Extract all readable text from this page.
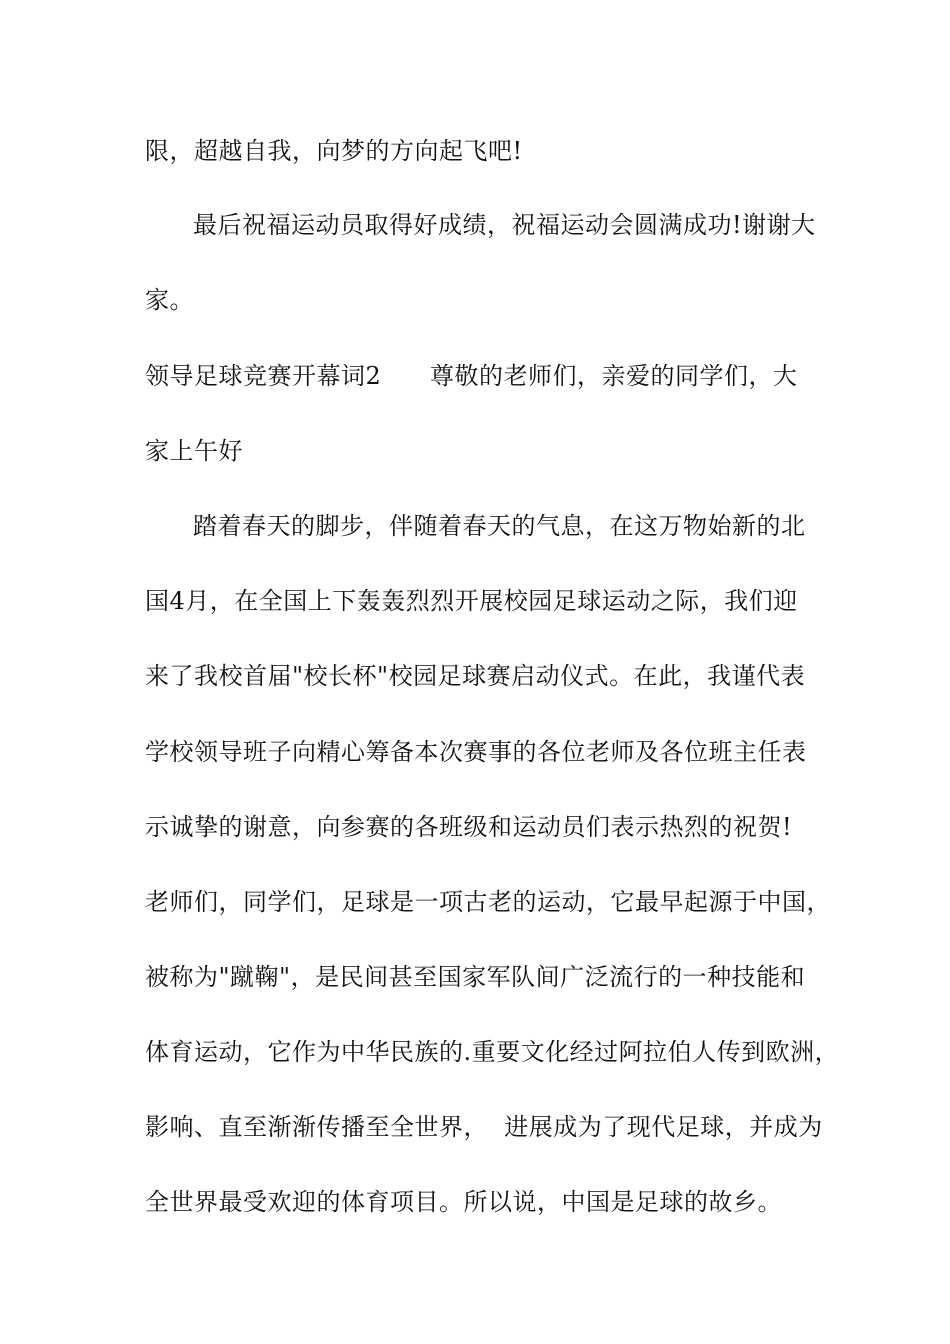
限，超越自我，向梦的方向起飞吧!
最后祝福运动员取得好成绩，祝福运动会圆满成功!谢谢大
家。
领导足球竞赛开幕词2      尊敬的老师们，亲爱的同学们，大
家上午好
踏着春天的脚步，伴随着春天的气息，在这万物始新的北
国4月，在全国上下轰轰烈烈开展校园足球运动之际，我们迎
来了我校首届"校长杯"校园足球赛启动仪式。在此，我谨代表
学校领导班子向精心筹备本次赛事的各位老师及各位班主任表
示诚挚的谢意，向参赛的各班级和运动员们表示热烈的祝贺!
老师们，同学们，足球是一项古老的运动，它最早起源于中国，
被称为"蹴鞠"，是民间甚至国家军队间广泛流行的一种技能和
体育运动，它作为中华民族的.重要文化经过阿拉伯人传到欧洲，
影响、直至渐渐传播至全世界，  进展成为了现代足球，并成为
全世界最受欢迎的体育项目。所以说，中国是足球的故乡。
